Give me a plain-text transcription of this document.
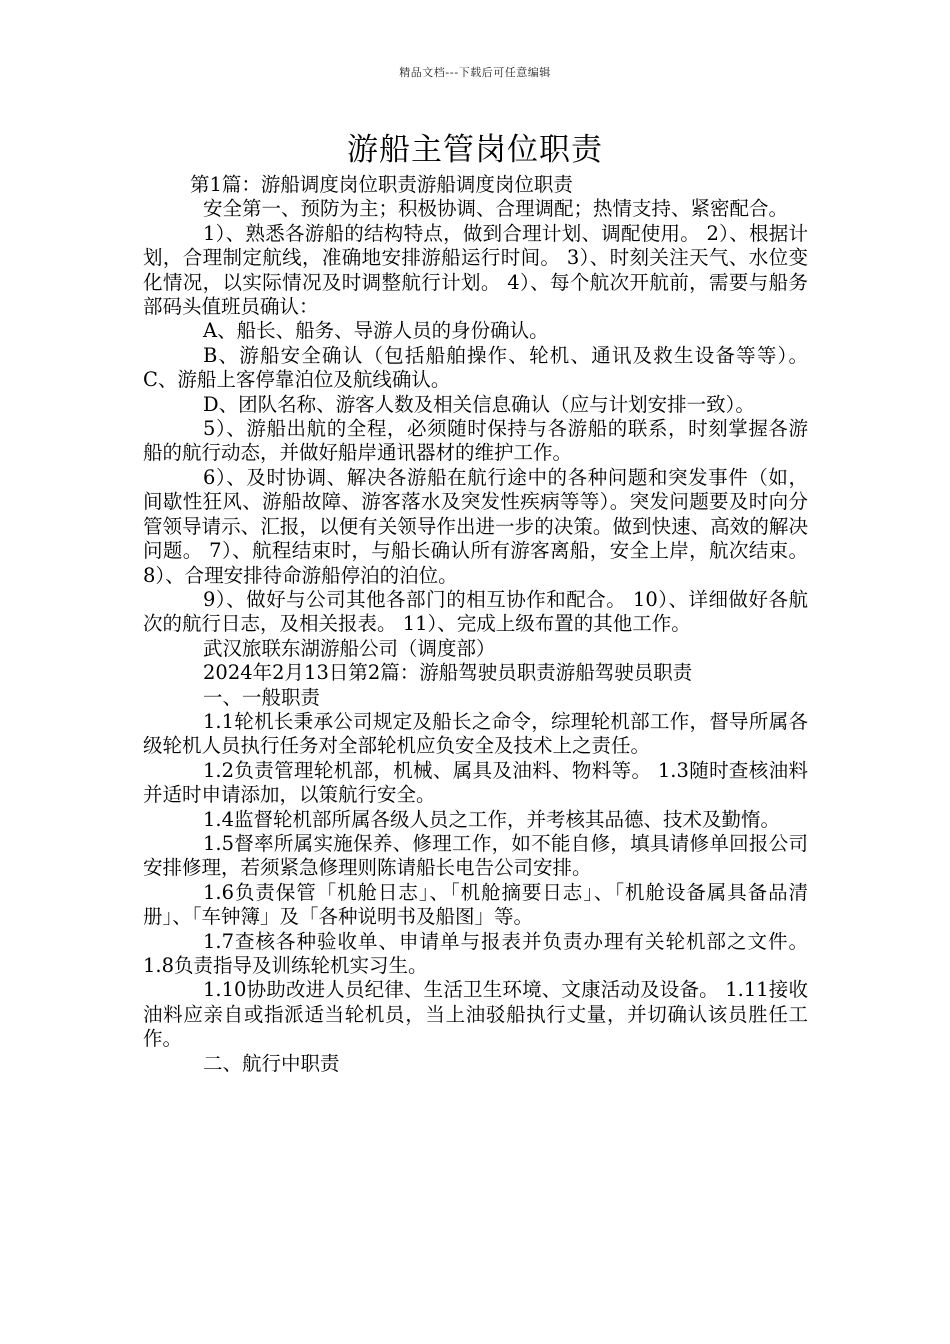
精品文档---下载后可任意编辑
游船主管岗位职责

第1篇：游船调度岗位职责游船调度岗位职责

安全第一、预防为主；积极协调、合理调配；热情支持、紧密配合。

1）、熟悉各游船的结构特点，做到合理计划、调配使用。 2）、根据计划，合理制定航线，准确地安排游船运行时间。 3）、时刻关注天气、水位变化情况，以实际情况及时调整航行计划。 4）、每个航次开航前，需要与船务部码头值班员确认：

A、船长、船务、导游人员的身份确认。

B、游船安全确认（包括船舶操作、轮机、通讯及救生设备等等）。 C、游船上客停靠泊位及航线确认。

D、团队名称、游客人数及相关信息确认（应与计划安排一致）。

5）、游船出航的全程，必须随时保持与各游船的联系，时刻掌握各游船的航行动态，并做好船岸通讯器材的维护工作。

6）、及时协调、解决各游船在航行途中的各种问题和突发事件（如，间歇性狂风、游船故障、游客落水及突发性疾病等等）。突发问题要及时向分管领导请示、汇报，以便有关领导作出进一步的决策。做到快速、高效的解决问题。 7）、航程结束时，与船长确认所有游客离船，安全上岸，航次结束。 8）、合理安排待命游船停泊的泊位。

9）、做好与公司其他各部门的相互协作和配合。 10）、详细做好各航次的航行日志，及相关报表。 11）、完成上级布置的其他工作。

武汉旅联东湖游船公司（调度部）

2024年2月13日第2篇：游船驾驶员职责游船驾驶员职责

一、一般职责

1.1轮机长秉承公司规定及船长之命令，综理轮机部工作，督导所属各级轮机人员执行任务对全部轮机应负安全及技术上之责任。

1.2负责管理轮机部，机械、属具及油料、物料等。 1.3随时查核油料并适时申请添加，以策航行安全。

1.4监督轮机部所属各级人员之工作，并考核其品德、技术及勤惰。

1.5督率所属实施保养、修理工作，如不能自修，填具请修单回报公司安排修理，若须紧急修理则陈请船长电告公司安排。

1.6负责保管「机舱日志」、「机舱摘要日志」、「机舱设备属具备品清册」、「车钟簿」及「各种说明书及船图」等。

1.7查核各种验收单、申请单与报表并负责办理有关轮机部之文件。 1.8负责指导及训练轮机实习生。

1.10协助改进人员纪律、生活卫生环境、文康活动及设备。 1.11接收油料应亲自或指派适当轮机员，当上油驳船执行丈量，并切确认该员胜任工作。

二、航行中职责
